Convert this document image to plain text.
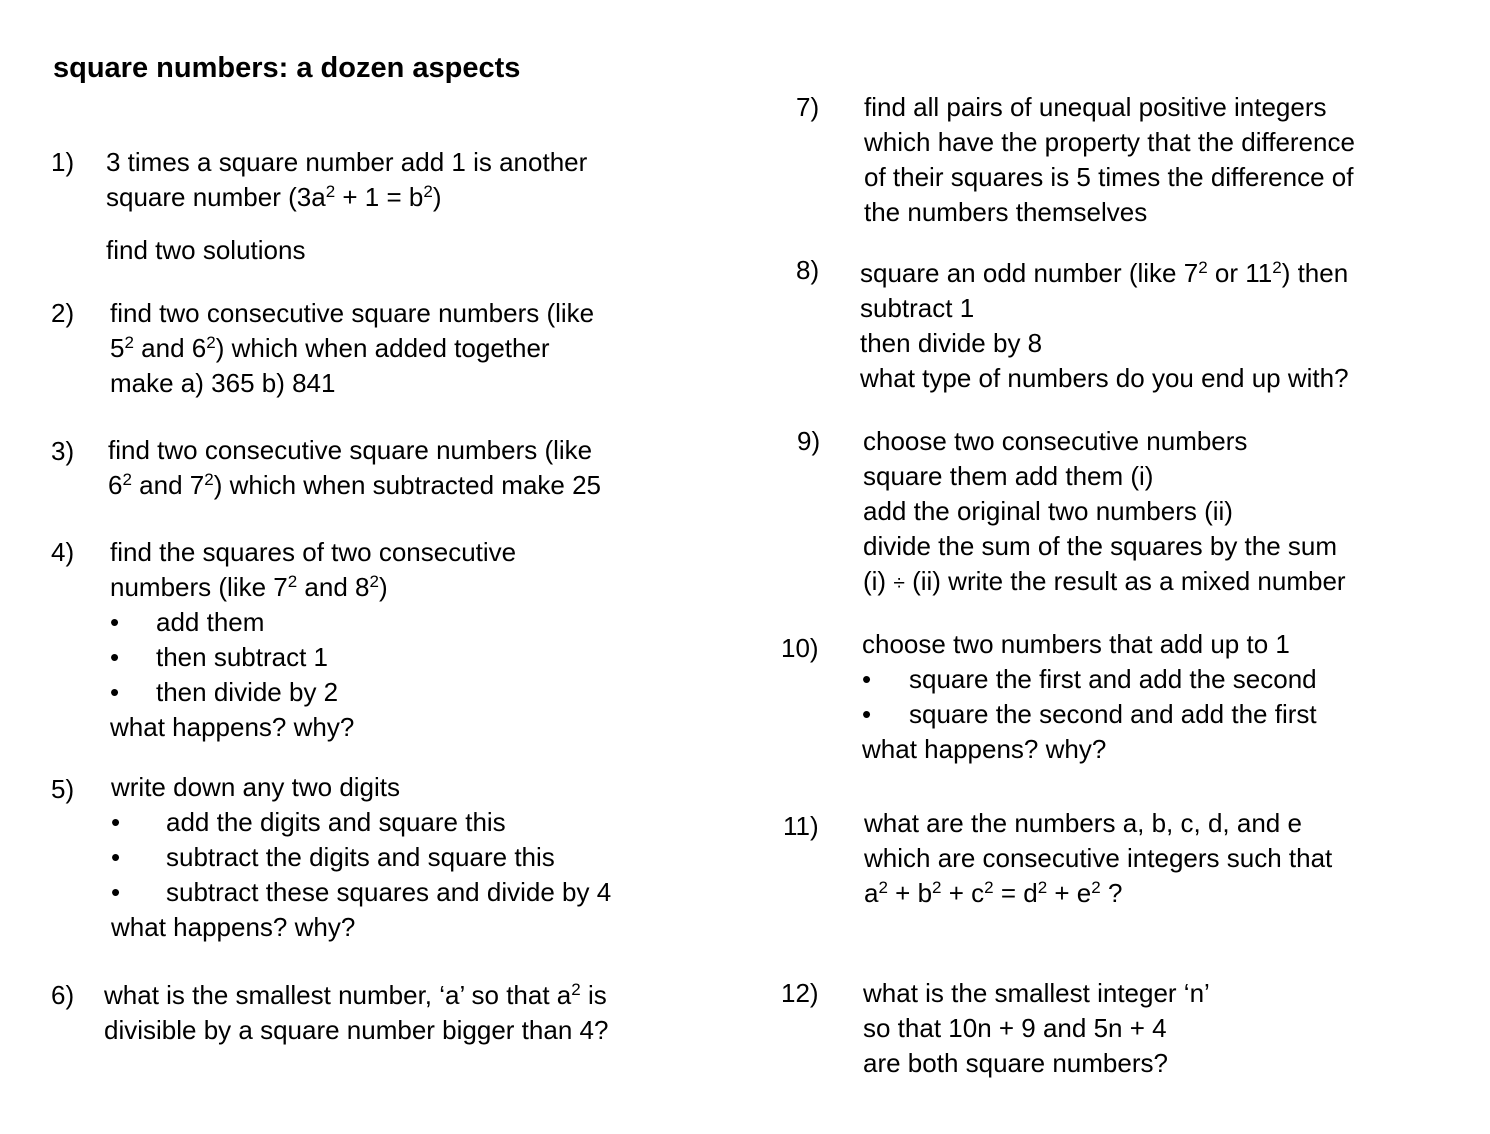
square numbers: a dozen aspects
1) 3 times a square number add 1 is another
square number $(3a^2 + 1 = b^2)$
find two solutions
2) find two consecutive square numbers (like
$5^2$ and $6^2$) which when added together
make a) 365 b) 841
3) find two consecutive square numbers (like
$6^2$ and $7^2$) which when subtracted make 25
4) find the squares of two consecutive
numbers (like $7^2$ and $8^2$)
• add them
• then subtract 1
• then divide by 2
what happens? why?
5) write down any two digits
• add the digits and square this
• subtract the digits and square this
• subtract these squares and divide by 4
what happens? why?
6) what is the smallest number, ‘a’ so that $a^2$ is
divisible by a square number bigger than 4?
7) find all pairs of unequal positive integers
which have the property that the difference
of their squares is 5 times the difference of
the numbers themselves
8) square an odd number (like $7^2$ or $11^2$) then
subtract 1
then divide by 8
what type of numbers do you end up with?
9) choose two consecutive numbers
square them add them (i)
add the original two numbers (ii)
divide the sum of the squares by the sum
(i) ÷ (ii) write the result as a mixed number
10) choose two numbers that add up to 1
• square the first and add the second
• square the second and add the first
what happens? why?
11) what are the numbers a, b, c, d, and e
which are consecutive integers such that
$a^2 + b^2 + c^2 = d^2 + e^2$ ?
12) what is the smallest integer ‘n’
so that 10n + 9 and 5n + 4
are both square numbers?
